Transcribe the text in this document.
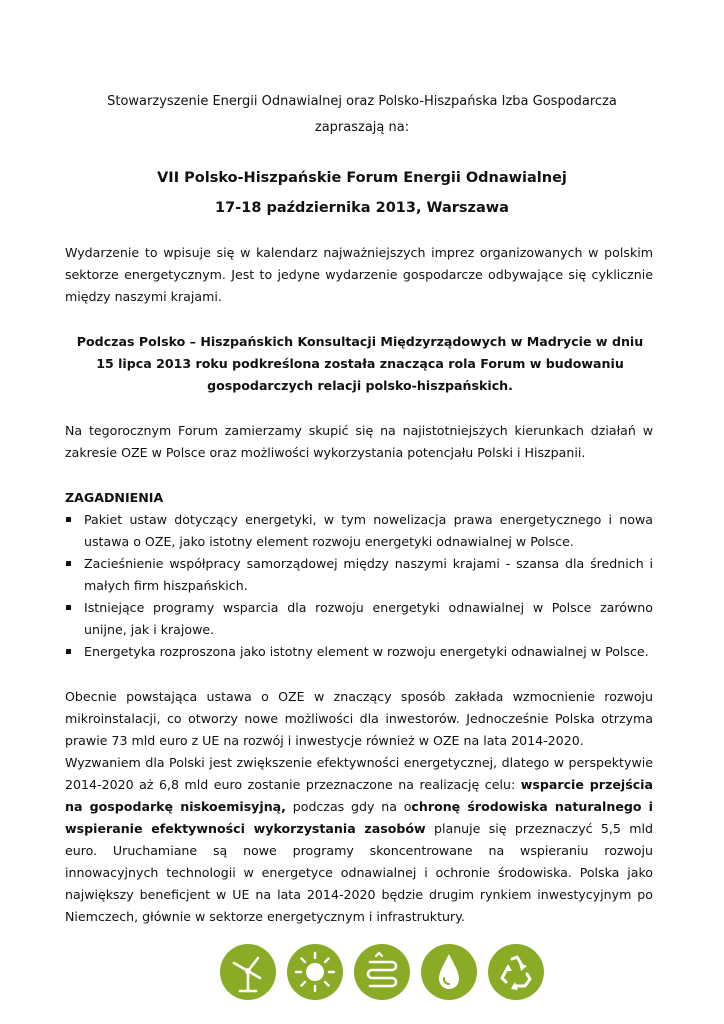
Stowarzyszenie Energii Odnawialnej oraz Polsko-Hiszpańska Izba Gospodarcza
zapraszają na:
VII Polsko-Hiszpańskie Forum Energii Odnawialnej
17-18 października 2013, Warszawa

Wydarzenie to wpisuje się w kalendarz najważniejszych imprez organizowanych w polskim sektorze energetycznym. Jest to jedyne wydarzenie gospodarcze odbywające się cyklicznie między naszymi krajami.

Podczas Polsko – Hiszpańskich Konsultacji Międzyrządowych w Madrycie w dniu 15 lipca 2013 roku podkreślona została znacząca rola Forum w budowaniu gospodarczych relacji polsko-hiszpańskich.

Na tegorocznym Forum zamierzamy skupić się na najistotniejszych kierunkach działań w zakresie OZE w Polsce oraz możliwości wykorzystania potencjału Polski i Hiszpanii.

ZAGADNIENIA
Pakiet ustaw dotyczący energetyki, w tym nowelizacja prawa energetycznego i nowa ustawa o OZE, jako istotny element rozwoju energetyki odnawialnej w Polsce.
Zacieśnienie współpracy samorządowej między naszymi krajami - szansa dla średnich i małych firm hiszpańskich.
Istniejące programy wsparcia dla rozwoju energetyki odnawialnej w Polsce zarówno unijne, jak i krajowe.
Energetyka rozproszona jako istotny element w rozwoju energetyki odnawialnej w Polsce.

Obecnie powstająca ustawa o OZE w znaczący sposób zakłada wzmocnienie rozwoju mikroinstalacji, co otworzy nowe możliwości dla inwestorów. Jednocześnie Polska otrzyma prawie 73 mld euro z UE na rozwój i inwestycje również w OZE na lata 2014-2020.

Wyzwaniem dla Polski jest zwiększenie efektywności energetycznej, dlatego w perspektywie 2014-2020 aż 6,8 mld euro zostanie przeznaczone na realizację celu: wsparcie przejścia na gospodarkę niskoemisyjną, podczas gdy na ochronę środowiska naturalnego i wspieranie efektywności wykorzystania zasobów planuje się przeznaczyć 5,5 mld euro. Uruchamiane są nowe programy skoncentrowane na wspieraniu rozwoju innowacyjnych technologii w energetyce odnawialnej i ochronie środowiska. Polska jako największy beneficjent w UE na lata 2014-2020 będzie drugim rynkiem inwestycyjnym po Niemczech, głównie w sektorze energetycznym i infrastruktury.
